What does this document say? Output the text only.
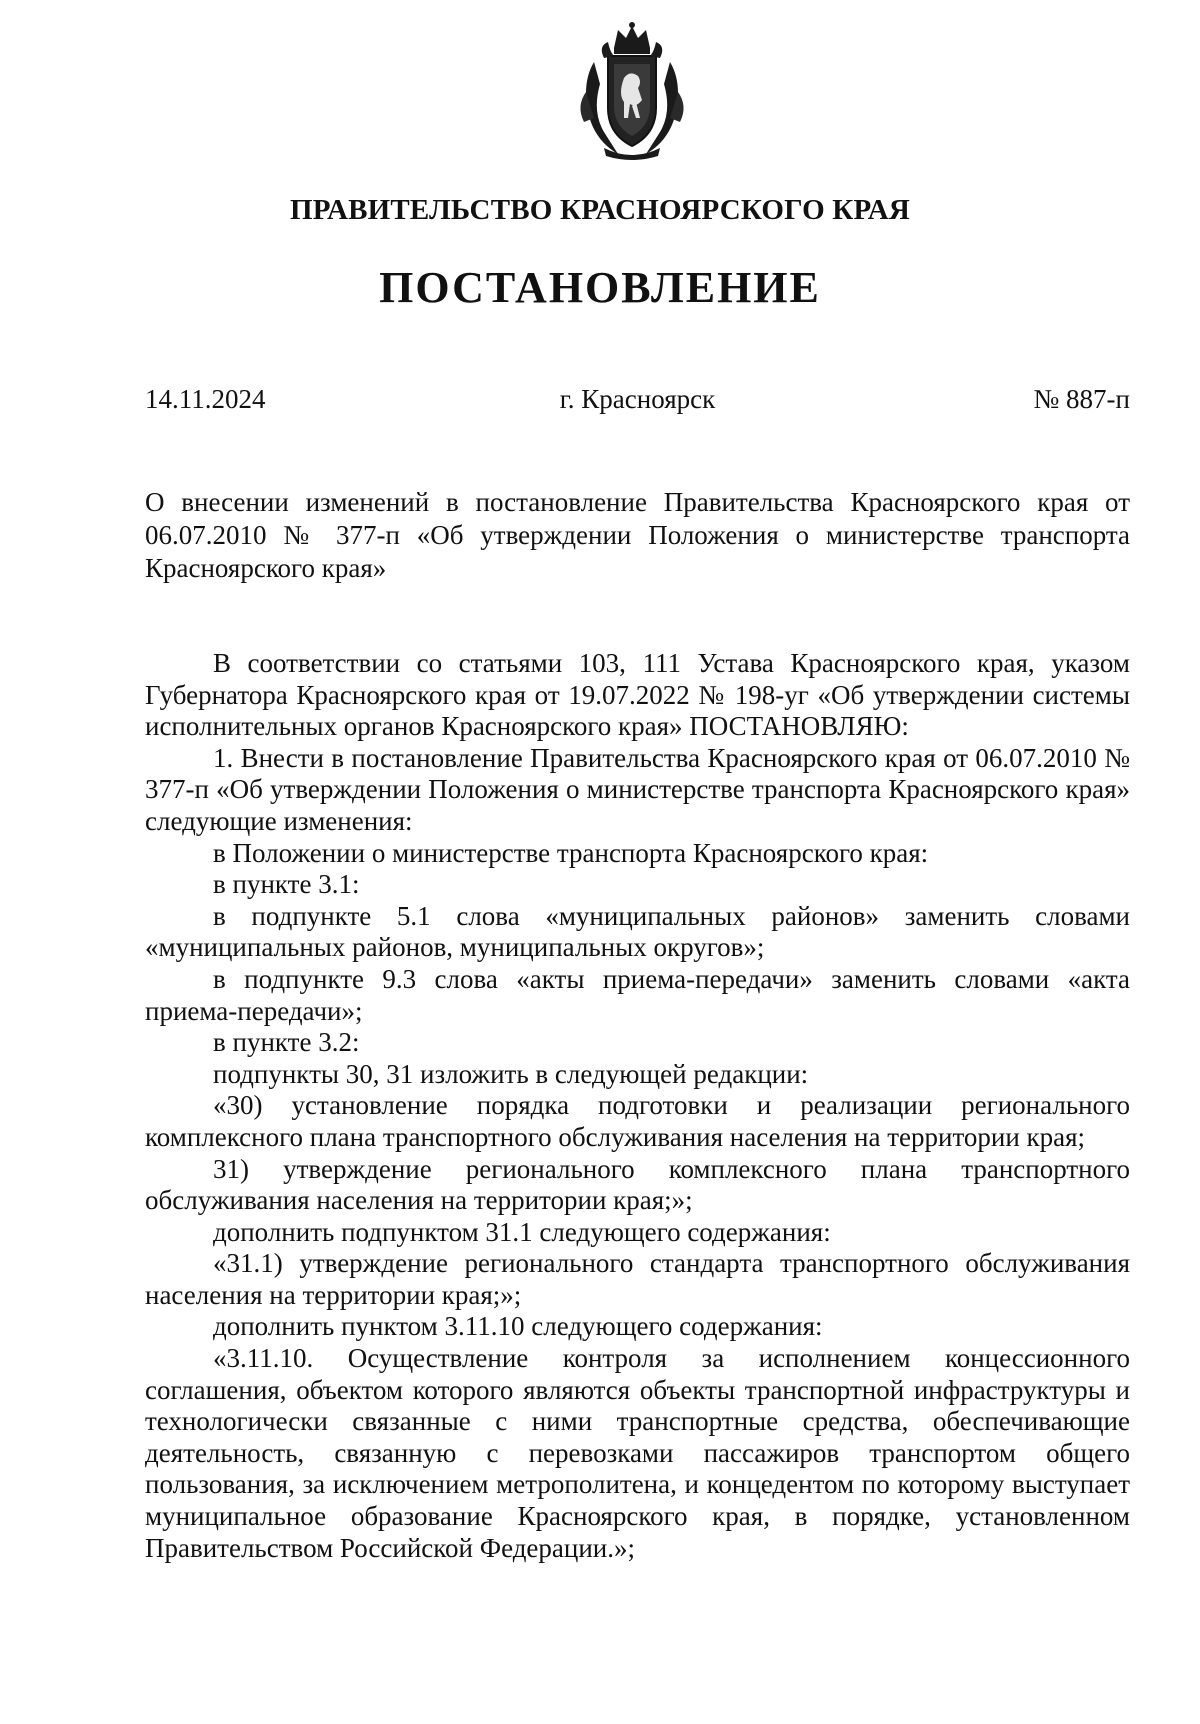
ПРАВИТЕЛЬСТВО КРАСНОЯРСКОГО КРАЯ
ПОСТАНОВЛЕНИЕ
14.11.2024	г. Красноярск	№ 887-п
О внесении изменений в постановление Правительства Красноярского края от 06.07.2010 № 377-п «Об утверждении Положения о министерстве транспорта Красноярского края»

В соответствии со статьями 103, 111 Устава Красноярского края, указом Губернатора Красноярского края от 19.07.2022 № 198-уг «Об утверждении системы исполнительных органов Красноярского края» ПОСТАНОВЛЯЮ:

1. Внести в постановление Правительства Красноярского края от 06.07.2010 № 377-п «Об утверждении Положения о министерстве транспорта Красноярского края» следующие изменения:

в Положении о министерстве транспорта Красноярского края:

в пункте 3.1:

в подпункте 5.1 слова «муниципальных районов» заменить словами «муниципальных районов, муниципальных округов»;

в подпункте 9.3 слова «акты приема-передачи» заменить словами «акта приема-передачи»;

в пункте 3.2:

подпункты 30, 31 изложить в следующей редакции:

«30) установление порядка подготовки и реализации регионального комплексного плана транспортного обслуживания населения на территории края;

31) утверждение регионального комплексного плана транспортного обслуживания населения на территории края;»;

дополнить подпунктом 31.1 следующего содержания:

«31.1) утверждение регионального стандарта транспортного обслуживания населения на территории края;»;

дополнить пунктом 3.11.10 следующего содержания:

«3.11.10. Осуществление контроля за исполнением концессионного соглашения, объектом которого являются объекты транспортной инфраструктуры и технологически связанные с ними транспортные средства, обеспечивающие деятельность, связанную с перевозками пассажиров транспортом общего пользования, за исключением метрополитена, и концедентом по которому выступает муниципальное образование Красноярского края, в порядке, установленном Правительством Российской Федерации.»;
